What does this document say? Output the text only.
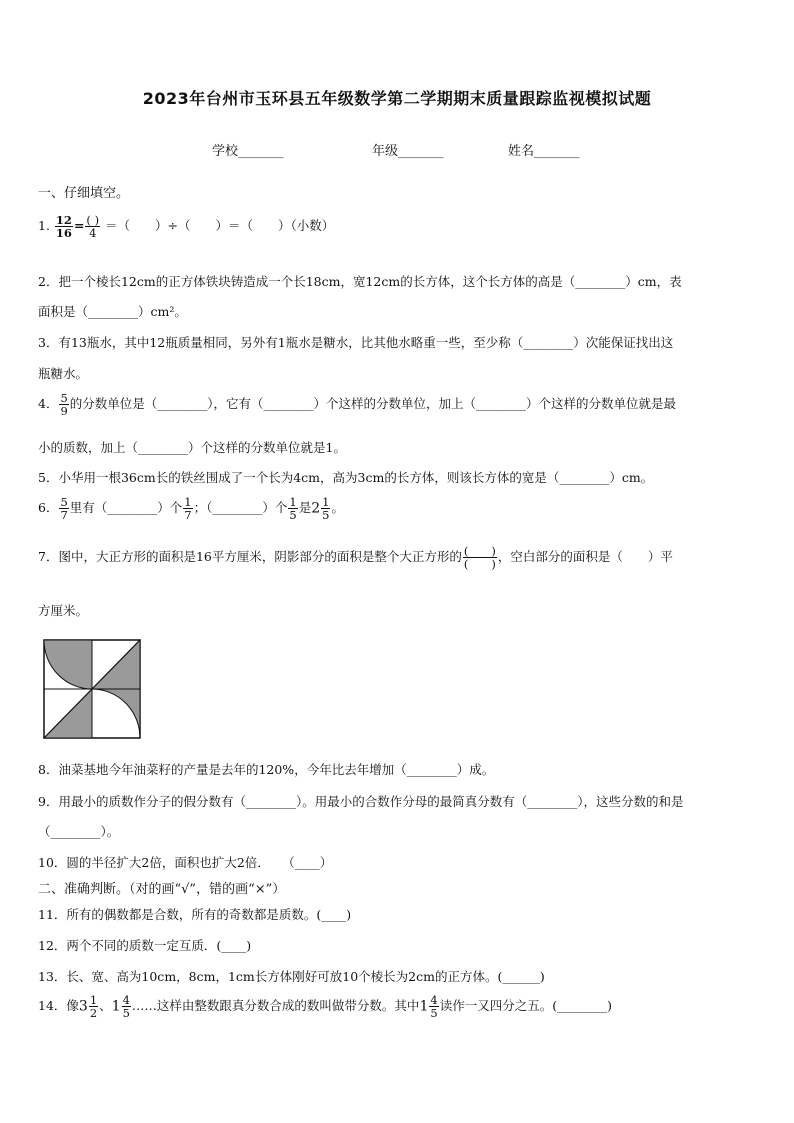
2023年台州市玉环县五年级数学第二学期期末质量跟踪监视模拟试题
学校_______	年级_______	姓名_______
一、仔细填空。
1. $\frac{12}{16} = \frac{( )}{4}$ ＝（　　）÷（　　）＝（　　）（小数）
2．把一个棱长12cm的正方体铁块铸造成一个长18cm，宽12cm的长方体，这个长方体的高是（________）cm，表
面积是（________）cm²。
3．有13瓶水，其中12瓶质量相同，另外有1瓶水是糖水，比其他水略重一些，至少称（________）次能保证找出这
瓶糖水。
4． $\frac{5}{9}$ 的分数单位是（________），它有（________）个这样的分数单位，加上（________）个这样的分数单位就是最
小的质数，加上（________）个这样的分数单位就是1。
5．小华用一根36cm长的铁丝围成了一个长为4cm，高为3cm的长方体，则该长方体的宽是（________）cm。
6． $\frac{5}{7}$ 里有（________）个 $\frac{1}{7}$ ；（________）个 $\frac{1}{5}$ 是$2 \frac{1}{5}$ 。
7．图中，大正方形的面积是16平方厘米，阴影部分的面积是整个大正方形的 $\frac{( )}{( )}$ ，空白部分的面积是（　　）平
方厘米。
8．油菜基地今年油菜籽的产量是去年的120%，今年比去年增加（________）成。
9．用最小的质数作分子的假分数有（________）。用最小的合数作分母的最简真分数有（________），这些分数的和是
（________）。
10．圆的半径扩大2倍，面积也扩大2倍．　　（____）
二、准确判断。（对的画“√”，错的画“×”）
11．所有的偶数都是合数，所有的奇数都是质数。(____)
12．两个不同的质数一定互质．(____)
13．长、宽、高为10cm，8cm，1cm长方体刚好可放10个棱长为2cm的正方体。(______)
14．像$3 \frac{1}{2}$ 、$1 \frac{4}{5}$ ……这样由整数跟真分数合成的数叫做带分数。其中$1 \frac{4}{5}$ 读作一又四分之五。(________)
